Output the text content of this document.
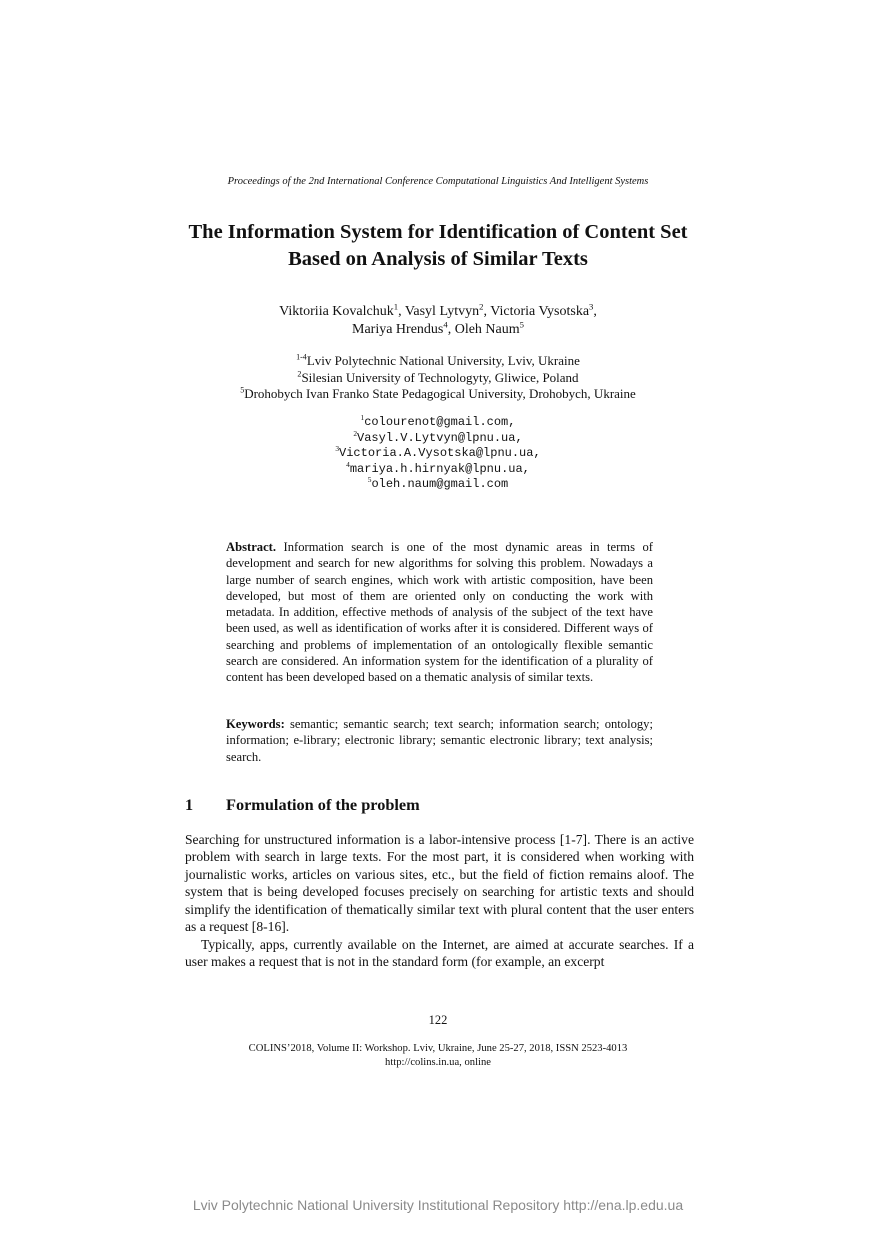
Proceedings of the 2nd International Conference Computational Linguistics And Intelligent Systems
The Information System for Identification of Content Set
Based on Analysis of Similar Texts
Viktoriia Kovalchuk$^1$, Vasyl Lytvyn$^2$, Victoria Vysotska$^3$,
Mariya Hrendus$^4$, Oleh Naum$^5$
$^{1-4}$Lviv Polytechnic National University, Lviv, Ukraine
$^2$Silesian University of Technologyty, Gliwice, Poland
$^5$Drohobych Ivan Franko State Pedagogical University, Drohobych, Ukraine
$^1$colourenot@gmail.com,
$^2$Vasyl.V.Lytvyn@lpnu.ua,
$^3$Victoria.A.Vysotska@lpnu.ua,
$^4$mariya.h.hirnyak@lpnu.ua,
$^5$oleh.naum@gmail.com
Abstract. Information search is one of the most dynamic areas in terms of development and search for new algorithms for solving this problem. Nowadays a large number of search engines, which work with artistic composition, have been developed, but most of them are oriented only on conducting the work with metadata. In addition, effective methods of analysis of the subject of the text have been used, as well as identification of works after it is considered. Different ways of searching and problems of implementation of an ontologically flexible semantic search are considered. An information system for the identification of a plurality of content has been developed based on a thematic analysis of similar texts.
Keywords: semantic; semantic search; text search; information search; ontology; information; e-library; electronic library; semantic electronic library; text analysis; search.
1 Formulation of the problem
Searching for unstructured information is a labor-intensive process [1-7]. There is an active problem with search in large texts. For the most part, it is considered when working with journalistic works, articles on various sites, etc., but the field of fiction remains aloof. The system that is being developed focuses precisely on searching for artistic texts and should simplify the identification of thematically similar text with plural content that the user enters as a request [8-16].
Typically, apps, currently available on the Internet, are aimed at accurate searches. If a user makes a request that is not in the standard form (for example, an excerpt
122
COLINS’2018, Volume II: Workshop. Lviv, Ukraine, June 25-27, 2018, ISSN 2523-4013
http://colins.in.ua, online
Lviv Polytechnic National University Institutional Repository http://ena.lp.edu.ua
